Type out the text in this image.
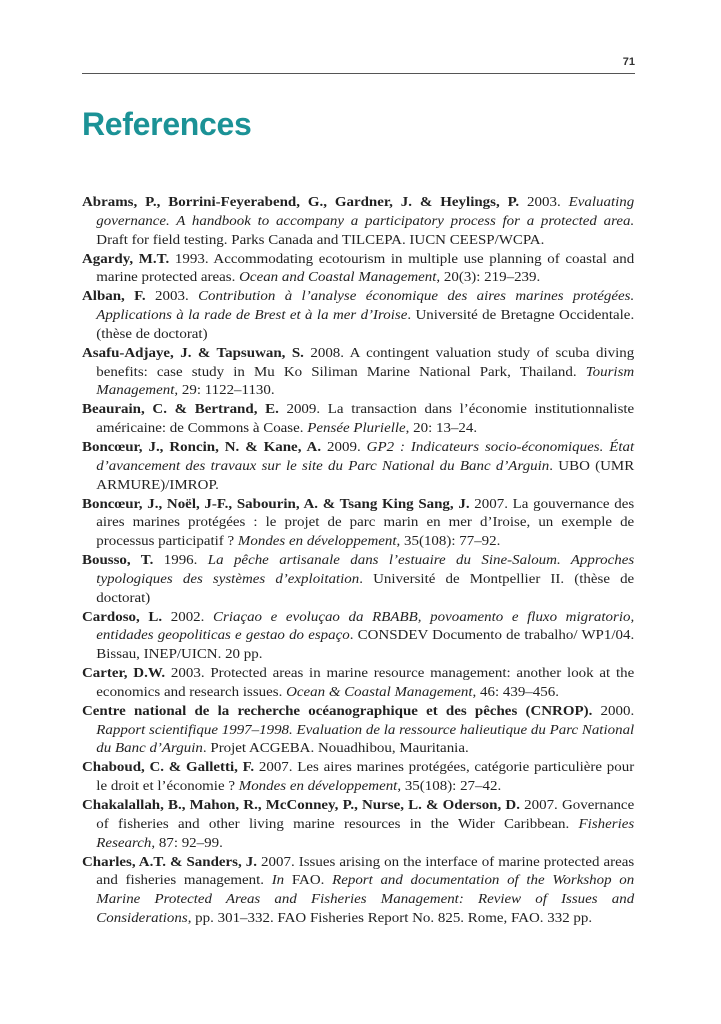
71
References
Abrams, P., Borrini-Feyerabend, G., Gardner, J. & Heylings, P. 2003. Evaluating governance. A handbook to accompany a participatory process for a protected area. Draft for field testing. Parks Canada and TILCEPA. IUCN CEESP/WCPA.
Agardy, M.T. 1993. Accommodating ecotourism in multiple use planning of coastal and marine protected areas. Ocean and Coastal Management, 20(3): 219–239.
Alban, F. 2003. Contribution à l’analyse économique des aires marines protégées. Applications à la rade de Brest et à la mer d’Iroise. Université de Bretagne Occidentale. (thèse de doctorat)
Asafu-Adjaye, J. & Tapsuwan, S. 2008. A contingent valuation study of scuba diving benefits: case study in Mu Ko Siliman Marine National Park, Thailand. Tourism Management, 29: 1122–1130.
Beaurain, C. & Bertrand, E. 2009. La transaction dans l’économie institutionnaliste américaine: de Commons à Coase. Pensée Plurielle, 20: 13–24.
Boncœur, J., Roncin, N. & Kane, A. 2009. GP2 : Indicateurs socio-économiques. État d’avancement des travaux sur le site du Parc National du Banc d’Arguin. UBO (UMR ARMURE)/IMROP.
Boncœur, J., Noël, J-F., Sabourin, A. & Tsang King Sang, J. 2007. La gouvernance des aires marines protégées : le projet de parc marin en mer d’Iroise, un exemple de processus participatif ? Mondes en développement, 35(108): 77–92.
Bousso, T. 1996. La pêche artisanale dans l’estuaire du Sine-Saloum. Approches typologiques des systèmes d’exploitation. Université de Montpellier II. (thèse de doctorat)
Cardoso, L. 2002. Criaçao e evoluçao da RBABB, povoamento e fluxo migratorio, entidades geopoliticas e gestao do espaço. CONSDEV Documento de trabalho/ WP1/04. Bissau, INEP/UICN. 20 pp.
Carter, D.W. 2003. Protected areas in marine resource management: another look at the economics and research issues. Ocean & Coastal Management, 46: 439–456.
Centre national de la recherche océanographique et des pêches (CNROP). 2000. Rapport scientifique 1997–1998. Evaluation de la ressource halieutique du Parc National du Banc d’Arguin. Projet ACGEBA. Nouadhibou, Mauritania.
Chaboud, C. & Galletti, F. 2007. Les aires marines protégées, catégorie particulière pour le droit et l’économie ? Mondes en développement, 35(108): 27–42.
Chakalallah, B., Mahon, R., McConney, P., Nurse, L. & Oderson, D. 2007. Governance of fisheries and other living marine resources in the Wider Caribbean. Fisheries Research, 87: 92–99.
Charles, A.T. & Sanders, J. 2007. Issues arising on the interface of marine protected areas and fisheries management. In FAO. Report and documentation of the Workshop on Marine Protected Areas and Fisheries Management: Review of Issues and Considerations, pp. 301–332. FAO Fisheries Report No. 825. Rome, FAO. 332 pp.
